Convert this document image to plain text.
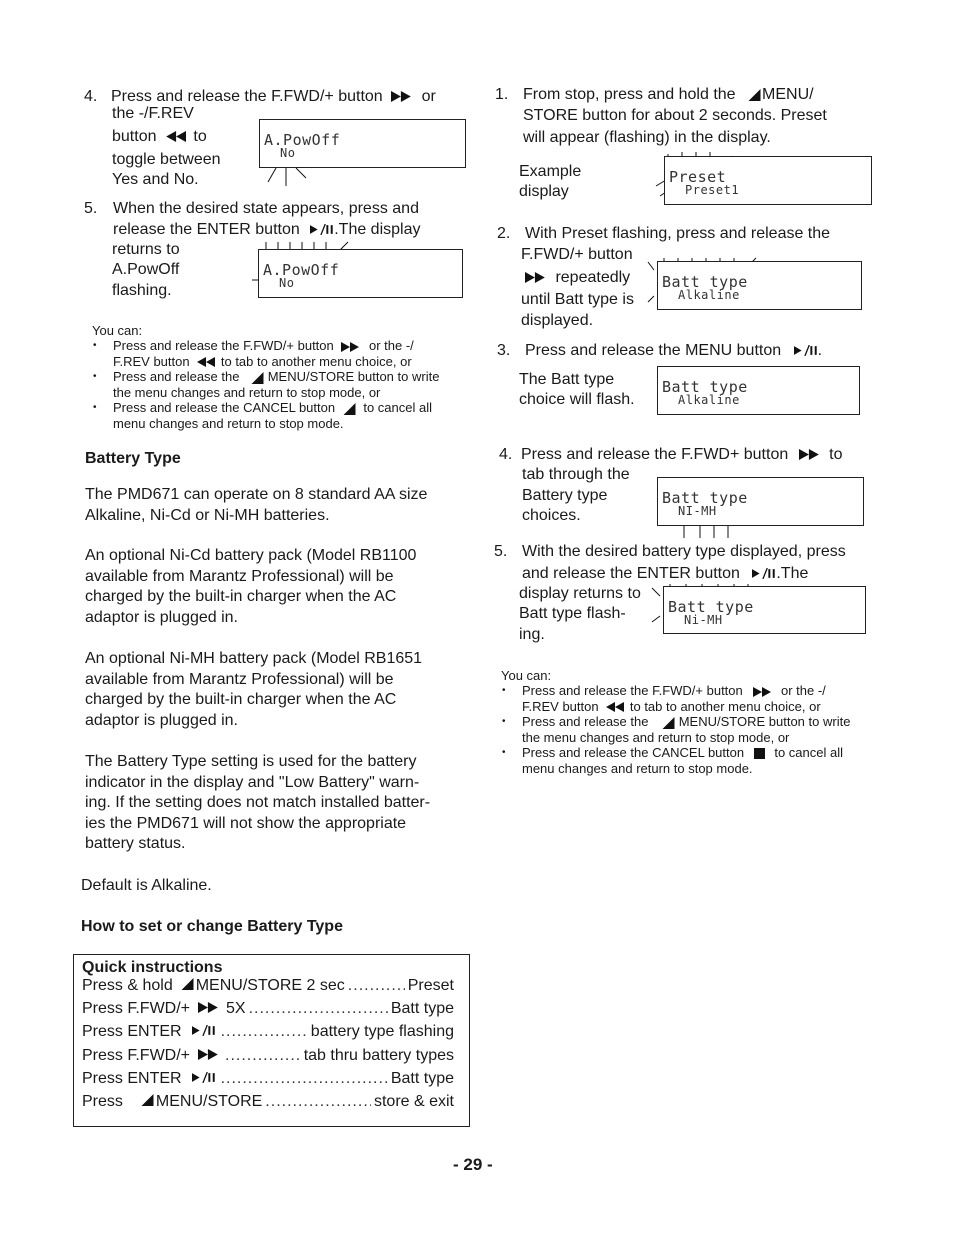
4. Press and release the F.FWD/+ button or
the -/F.REV
button to
toggle between
Yes and No.
A.PowOff
No
5. When the desired state appears, press and
release the ENTER button .The display
returns to
A.PowOff
flashing.
A.PowOff
No
You can:
• Press and release the F.FWD/+ button	or the -/
F.REV button to tab to another menu choice, or
• Press and release the MENU/STORE button to write
the menu changes and return to stop mode, or
• Press and release the CANCEL button to cancel all
menu changes and return to stop mode.
Battery Type
The PMD671 can operate on 8 standard AA size
Alkaline, Ni-Cd or Ni-MH batteries.
An optional Ni-Cd battery pack (Model RB1100
available from Marantz Professional) will be
charged by the built-in charger when the AC
adaptor is plugged in.
An optional Ni-MH battery pack (Model RB1651
available from Marantz Professional) will be
charged by the built-in charger when the AC
adaptor is plugged in.
The Battery Type setting is used for the battery
indicator in the display and "Low Battery" warn-
ing. If the setting does not match installed batter-
ies the PMD671 will not show the appropriate
battery status.
Default is Alkaline.
How to set or change Battery Type
Quick instructions
Press & hold MENU/STORE 2 sec .....	Preset
Press F.FWD/+ 5X .....	Batt type
Press ENTER .....	battery type flashing
Press F.FWD/+ .....	tab thru battery types
Press ENTER .....	Batt type
Press MENU/STORE .....	store & exit
1. From stop, press and hold the MENU/
STORE button for about 2 seconds. Preset
will appear (flashing) in the display.
Example
display
Preset
Preset1
2. With Preset flashing, press and release the
F.FWD/+ button
repeatedly
until Batt type is
displayed.
Batt type
Alkaline
3. Press and release the MENU button .
The Batt type
choice will flash.
Batt type
Alkaline
4. Press and release the F.FWD+ button	to
tab through the
Battery type
choices.
Batt type
NI-MH
5. With the desired battery type displayed, press
and release the ENTER button .The
display returns to
Batt type flash-
ing.
Batt type
Ni-MH
You can:
• Press and release the F.FWD/+ button	or the -/
F.REV button to tab to another menu choice, or
• Press and release the MENU/STORE button to write
the menu changes and return to stop mode, or
• Press and release the CANCEL button to cancel all
menu changes and return to stop mode.
- 29 -
